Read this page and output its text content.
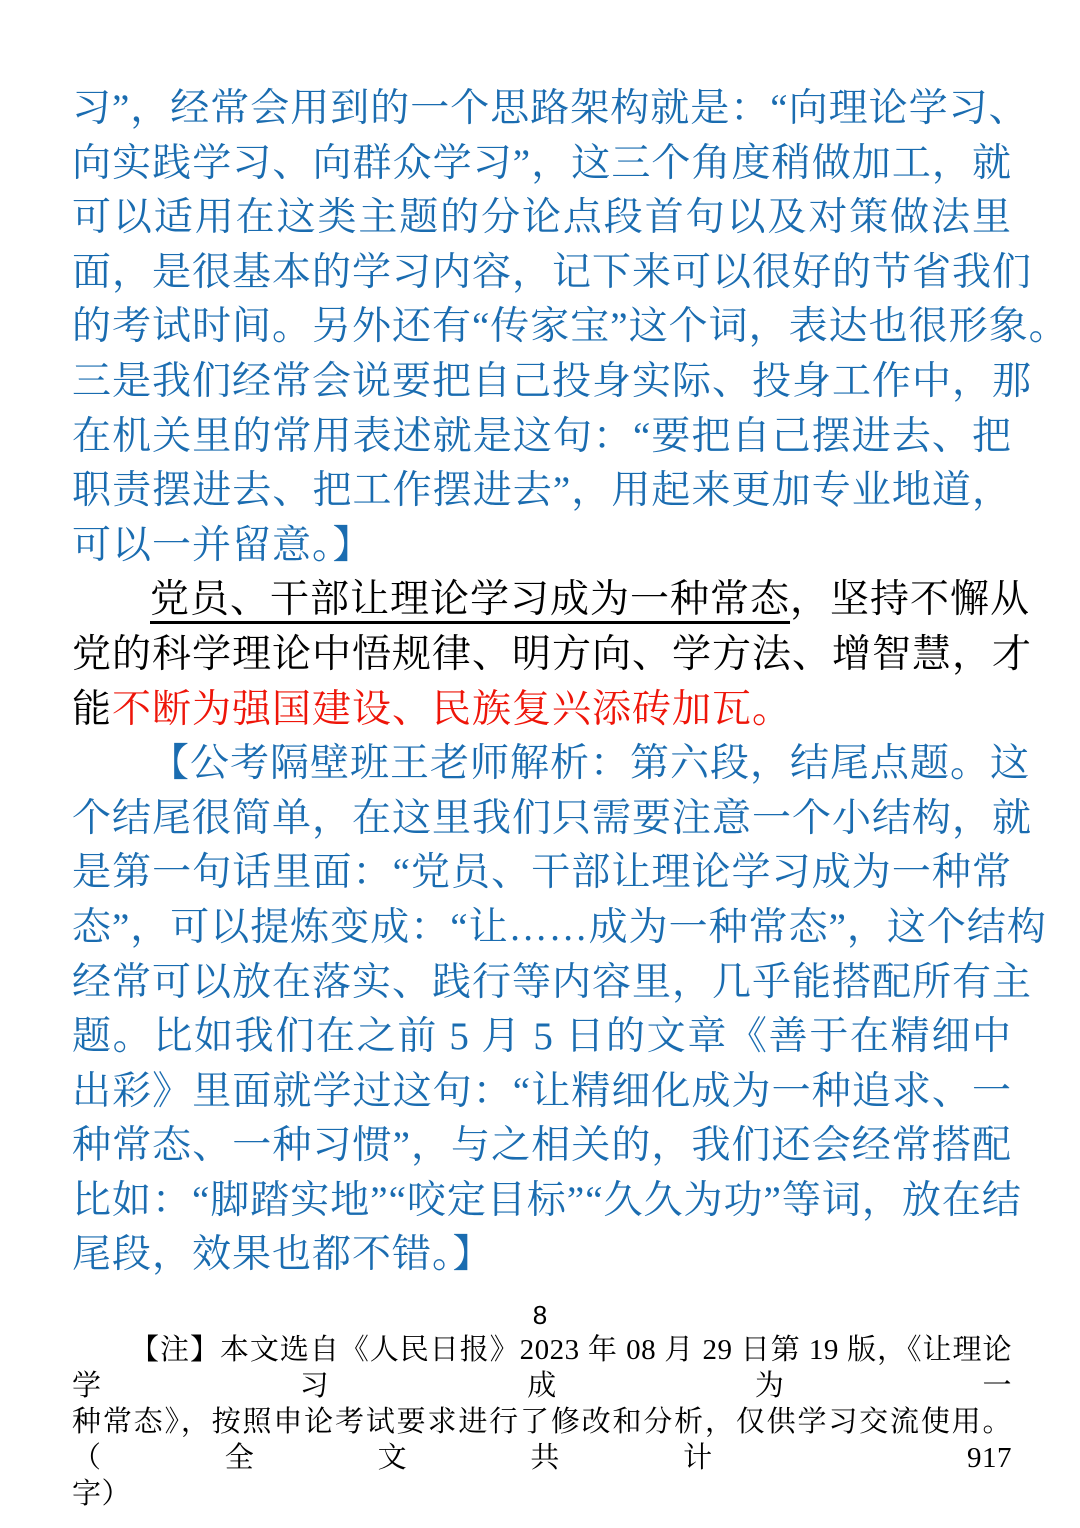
习”，经常会用到的一个思路架构就是：“向理论学习、
向实践学习、向群众学习”，这三个角度稍做加工，就
可以适用在这类主题的分论点段首句以及对策做法里
面，是很基本的学习内容，记下来可以很好的节省我们
的考试时间。另外还有“传家宝”这个词，表达也很形象。
三是我们经常会说要把自己投身实际、投身工作中，那
在机关里的常用表述就是这句：“要把自己摆进去、把
职责摆进去、把工作摆进去”，用起来更加专业地道，
可以一并留意。】
党员、干部让理论学习成为一种常态，坚持不懈从
党的科学理论中悟规律、明方向、学方法、增智慧，才
能不断为强国建设、民族复兴添砖加瓦。
【公考隔壁班王老师解析：第六段，结尾点题。这
个结尾很简单，在这里我们只需要注意一个小结构，就
是第一句话里面：“党员、干部让理论学习成为一种常
态”，可以提炼变成：“让……成为一种常态”，这个结构
经常可以放在落实、践行等内容里，几乎能搭配所有主
题。比如我们在之前 5 月 5 日的文章《善于在精细中
出彩》里面就学过这句：“让精细化成为一种追求、一
种常态、一种习惯”，与之相关的，我们还会经常搭配
比如：“脚踏实地”“咬定目标”“久久为功”等词，放在结
尾段，效果也都不错。】
8
【注】本文选自《人民日报》2023 年 08 月 29 日第 19 版，《让理论学习成为一
种常态》，按照申论考试要求进行了修改和分析，仅供学习交流使用。（全文共计 917
字）
